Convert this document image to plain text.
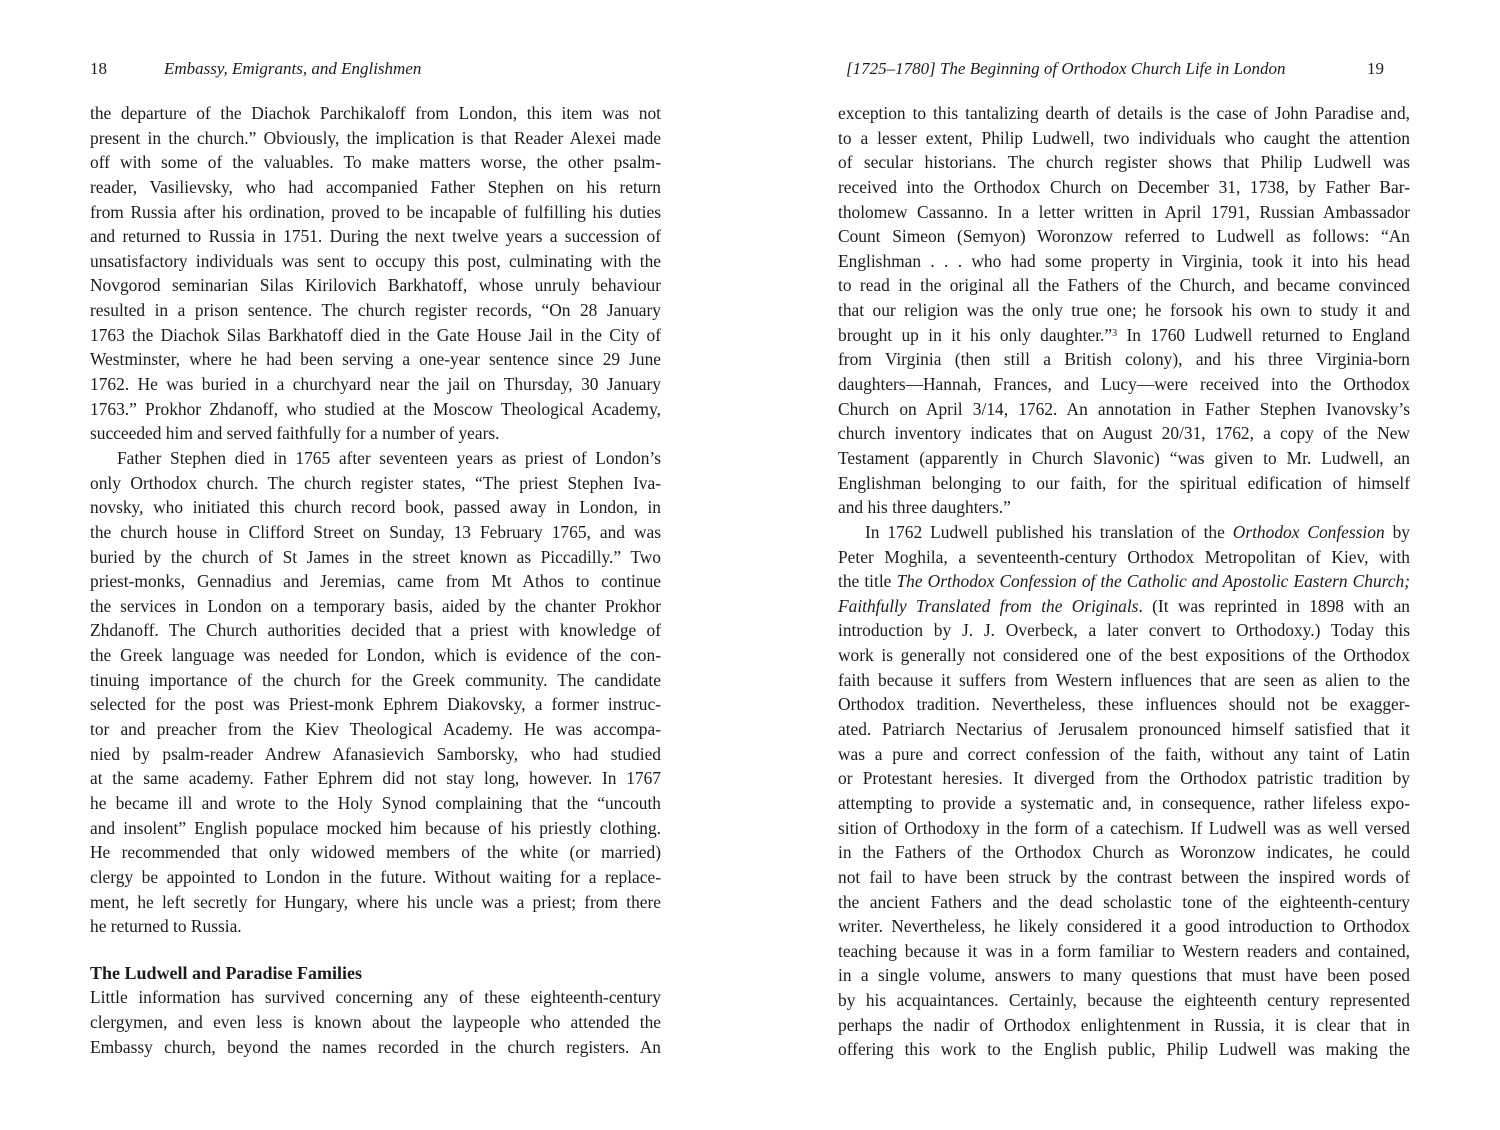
18	Embassy, Emigrants, and Englishmen
the departure of the Diachok Parchikaloff from London, this item was not
present in the church.” Obviously, the implication is that Reader Alexei made
off with some of the valuables. To make matters worse, the other psalm-
reader, Vasilievsky, who had accompanied Father Stephen on his return
from Russia after his ordination, proved to be incapable of fulfilling his duties
and returned to Russia in 1751. During the next twelve years a succession of
unsatisfactory individuals was sent to occupy this post, culminating with the
Novgorod seminarian Silas Kirilovich Barkhatoff, whose unruly behaviour
resulted in a prison sentence. The church register records, “On 28 January
1763 the Diachok Silas Barkhatoff died in the Gate House Jail in the City of
Westminster, where he had been serving a one-year sentence since 29 June
1762. He was buried in a churchyard near the jail on Thursday, 30 January
1763.” Prokhor Zhdanoff, who studied at the Moscow Theological Academy,
succeeded him and served faithfully for a number of years.
Father Stephen died in 1765 after seventeen years as priest of London’s
only Orthodox church. The church register states, “The priest Stephen Iva-
novsky, who initiated this church record book, passed away in London, in
the church house in Clifford Street on Sunday, 13 February 1765, and was
buried by the church of St James in the street known as Piccadilly.” Two
priest-monks, Gennadius and Jeremias, came from Mt Athos to continue
the services in London on a temporary basis, aided by the chanter Prokhor
Zhdanoff. The Church authorities decided that a priest with knowledge of
the Greek language was needed for London, which is evidence of the con-
tinuing importance of the church for the Greek community. The candidate
selected for the post was Priest-monk Ephrem Diakovsky, a former instruc-
tor and preacher from the Kiev Theological Academy. He was accompa-
nied by psalm-reader Andrew Afanasievich Samborsky, who had studied
at the same academy. Father Ephrem did not stay long, however. In 1767
he became ill and wrote to the Holy Synod complaining that the “uncouth
and insolent” English populace mocked him because of his priestly clothing.
He recommended that only widowed members of the white (or married)
clergy be appointed to London in the future. Without waiting for a replace-
ment, he left secretly for Hungary, where his uncle was a priest; from there
he returned to Russia.
The Ludwell and Paradise Families
Little information has survived concerning any of these eighteenth-century
clergymen, and even less is known about the laypeople who attended the
Embassy church, beyond the names recorded in the church registers. An
[1725–1780] The Beginning of Orthodox Church Life in London	19
exception to this tantalizing dearth of details is the case of John Paradise and,
to a lesser extent, Philip Ludwell, two individuals who caught the attention
of secular historians. The church register shows that Philip Ludwell was
received into the Orthodox Church on December 31, 1738, by Father Bar-
tholomew Cassanno. In a letter written in April 1791, Russian Ambassador
Count Simeon (Semyon) Woronzow referred to Ludwell as follows: “An
Englishman . . . who had some property in Virginia, took it into his head
to read in the original all the Fathers of the Church, and became convinced
that our religion was the only true one; he forsook his own to study it and
brought up in it his only daughter.”$^3$ In 1760 Ludwell returned to England
from Virginia (then still a British colony), and his three Virginia-born
daughters—Hannah, Frances, and Lucy—were received into the Orthodox
Church on April 3/14, 1762. An annotation in Father Stephen Ivanovsky’s
church inventory indicates that on August 20/31, 1762, a copy of the New
Testament (apparently in Church Slavonic) “was given to Mr. Ludwell, an
Englishman belonging to our faith, for the spiritual edification of himself
and his three daughters.”
In 1762 Ludwell published his translation of the Orthodox Confession by
Peter Moghila, a seventeenth-century Orthodox Metropolitan of Kiev, with
the title The Orthodox Confession of the Catholic and Apostolic Eastern Church;
Faithfully Translated from the Originals. (It was reprinted in 1898 with an
introduction by J. J. Overbeck, a later convert to Orthodoxy.) Today this
work is generally not considered one of the best expositions of the Orthodox
faith because it suffers from Western influences that are seen as alien to the
Orthodox tradition. Nevertheless, these influences should not be exagger-
ated. Patriarch Nectarius of Jerusalem pronounced himself satisfied that it
was a pure and correct confession of the faith, without any taint of Latin
or Protestant heresies. It diverged from the Orthodox patristic tradition by
attempting to provide a systematic and, in consequence, rather lifeless expo-
sition of Orthodoxy in the form of a catechism. If Ludwell was as well versed
in the Fathers of the Orthodox Church as Woronzow indicates, he could
not fail to have been struck by the contrast between the inspired words of
the ancient Fathers and the dead scholastic tone of the eighteenth-century
writer. Nevertheless, he likely considered it a good introduction to Orthodox
teaching because it was in a form familiar to Western readers and contained,
in a single volume, answers to many questions that must have been posed
by his acquaintances. Certainly, because the eighteenth century represented
perhaps the nadir of Orthodox enlightenment in Russia, it is clear that in
offering this work to the English public, Philip Ludwell was making the
